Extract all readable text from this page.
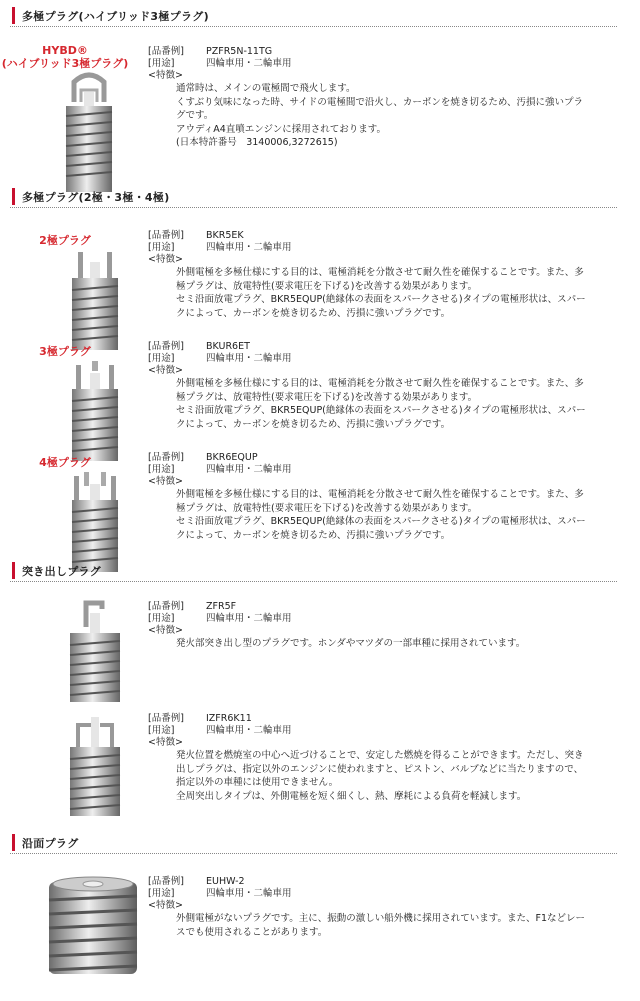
多極プラグ(ハイブリッド3極プラグ)
HYBD®
(ハイブリッド3極プラグ)
[品番例] PZFR5N-11TG
[用途]	四輪車用・二輪車用
<特徴>
通常時は、メインの電極間で飛火します。
くすぶり気味になった時、サイドの電極間で沿火し、カーボンを焼き切るため、汚損に強いプラグです。
アウディA4直噴エンジンに採用されております。
(日本特許番号　3140006,3272615)
多極プラグ(2極・3極・4極)
2極プラグ	[品番例] BKR5EK
[用途]	四輪車用・二輪車用
<特徴>
外側電極を多極仕様にする目的は、電極消耗を分散させて耐久性を確保することです。また、多極プラグは、放電特性(要求電圧を下げる)を改善する効果があります。
セミ沿面放電プラグ、BKR5EQUP(絶縁体の表面をスパークさせる)タイプの電極形状は、スパークによって、カーボンを焼き切るため、汚損に強いプラグです。
3極プラグ	[品番例] BKUR6ET
[用途]	四輪車用・二輪車用
<特徴>
外側電極を多極仕様にする目的は、電極消耗を分散させて耐久性を確保することです。また、多極プラグは、放電特性(要求電圧を下げる)を改善する効果があります。
セミ沿面放電プラグ、BKR5EQUP(絶縁体の表面をスパークさせる)タイプの電極形状は、スパークによって、カーボンを焼き切るため、汚損に強いプラグです。
4極プラグ	[品番例] BKR6EQUP
[用途]	四輪車用・二輪車用
<特徴>
外側電極を多極仕様にする目的は、電極消耗を分散させて耐久性を確保することです。また、多極プラグは、放電特性(要求電圧を下げる)を改善する効果があります。
セミ沿面放電プラグ、BKR5EQUP(絶縁体の表面をスパークさせる)タイプの電極形状は、スパークによって、カーボンを焼き切るため、汚損に強いプラグです。
突き出しプラグ
[品番例] ZFR5F
[用途]	四輪車用・二輪車用
<特徴>
発火部突き出し型のプラグです。ホンダやマツダの一部車種に採用されています。
[品番例] IZFR6K11
[用途]	四輪車用・二輪車用
<特徴>
発火位置を燃焼室の中心へ近づけることで、安定した燃焼を得ることができます。ただし、突き出しプラグは、指定以外のエンジンに使われますと、ピストン、バルブなどに当たりますので、指定以外の車種には使用できません。
全周突出しタイプは、外側電極を短く細くし、熱、摩耗による負荷を軽減します。
沿面プラグ
[品番例] EUHW-2
[用途]	四輪車用・二輪車用
<特徴>
外側電極がないプラグです。主に、振動の激しい船外機に採用されています。また、F1などレースでも使用されることがあります。
